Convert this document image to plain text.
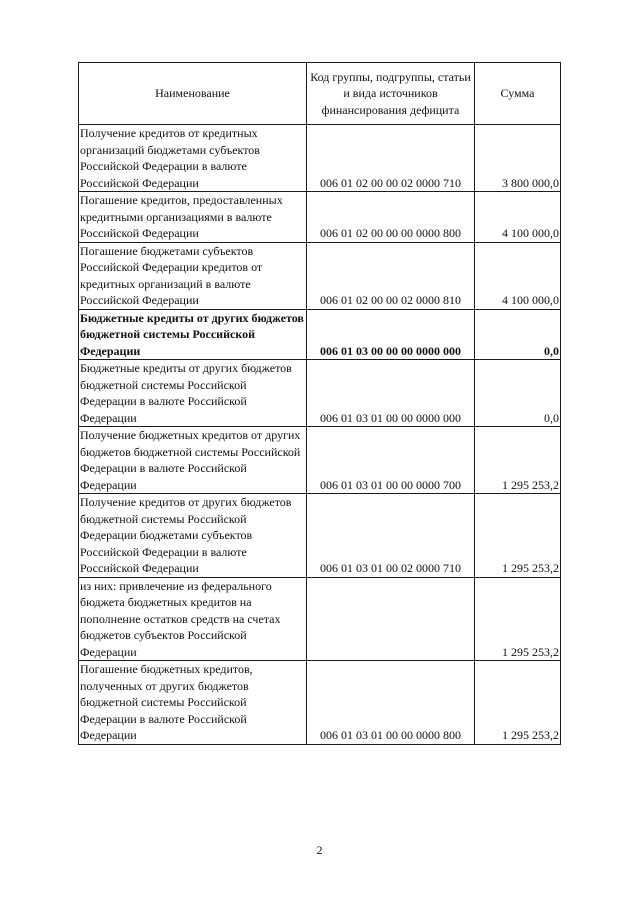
Наименование	Код группы, подгруппы, статьи и вида источников финансирования дефицита	Сумма
Получение кредитов от кредитных организаций бюджетами субъектов Российской Федерации в валюте Российской Федерации	006 01 02 00 00 02 0000 710	3 800 000,0
Погашение кредитов, предоставленных кредитными организациями в валюте Российской Федерации	006 01 02 00 00 00 0000 800	4 100 000,0
Погашение бюджетами субъектов Российской Федерации кредитов от кредитных организаций в валюте Российской Федерации	006 01 02 00 00 02 0000 810	4 100 000,0
Бюджетные кредиты от других бюджетов бюджетной системы Российской Федерации	006 01 03 00 00 00 0000 000	0,0
Бюджетные кредиты от других бюджетов бюджетной системы Российской Федерации в валюте Российской Федерации	006 01 03 01 00 00 0000 000	0,0
Получение бюджетных кредитов от других бюджетов бюджетной системы Российской Федерации в валюте Российской Федерации	006 01 03 01 00 00 0000 700	1 295 253,2
Получение кредитов от других бюджетов бюджетной системы Российской Федерации бюджетами субъектов Российской Федерации в валюте Российской Федерации	006 01 03 01 00 02 0000 710	1 295 253,2
из них: привлечение из федерального бюджета бюджетных кредитов на пополнение остатков средств на счетах бюджетов субъектов Российской Федерации		1 295 253,2
Погашение бюджетных кредитов, полученных от других бюджетов бюджетной системы Российской Федерации в валюте Российской Федерации	006 01 03 01 00 00 0000 800	1 295 253,2
2
